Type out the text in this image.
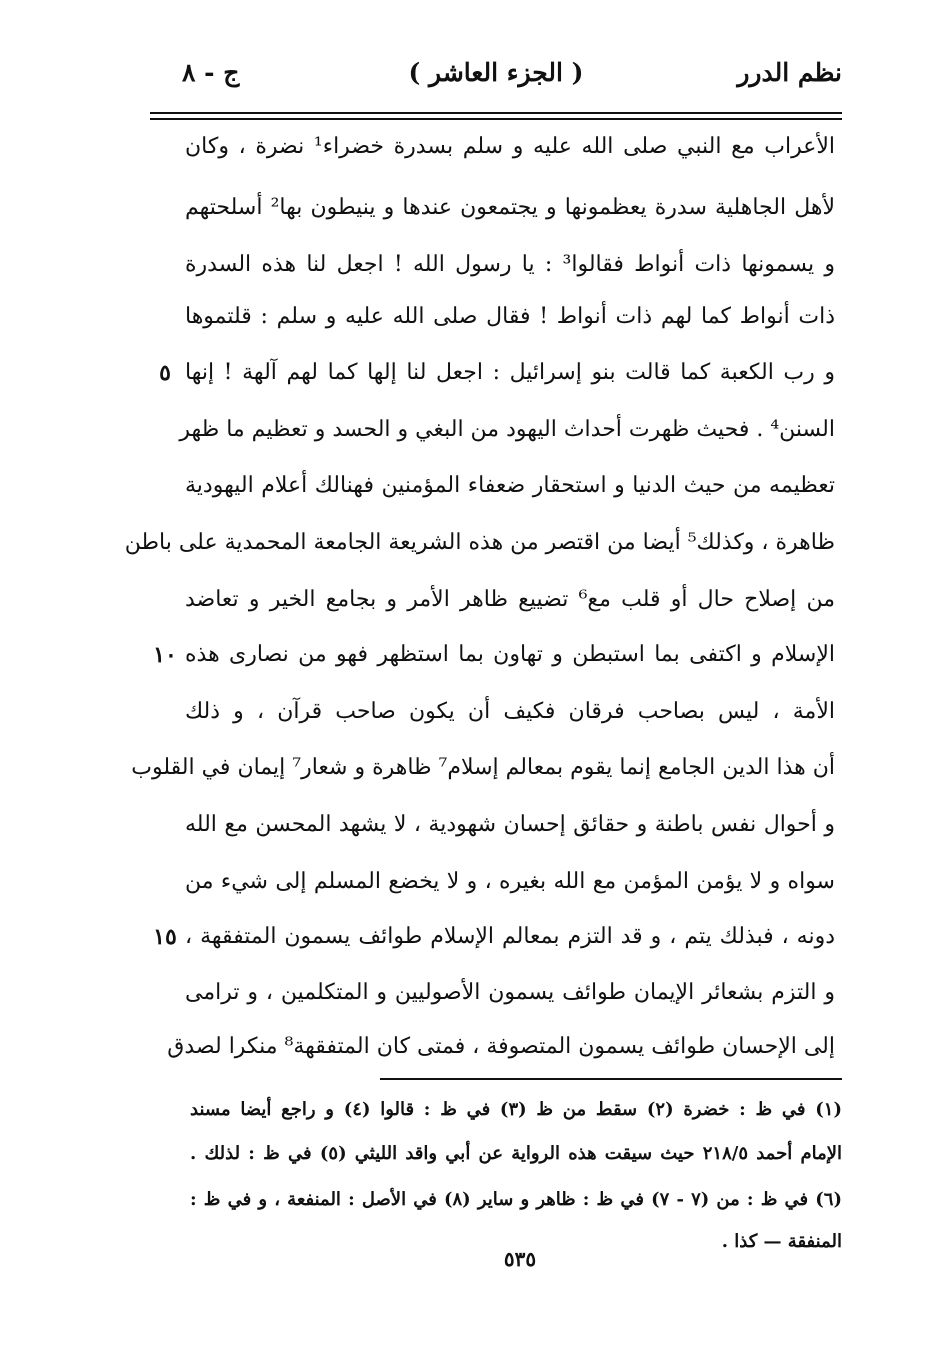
نظم الدرر
( الجزء العاشر )
ج - ٨
الأعراب مع النبي صلى الله عليه و سلم بسدرة خضراء¹ نضرة ، وكان
لأهل الجاهلية سدرة يعظمونها و يجتمعون عندها و ينيطون بها² أسلحتهم
و يسمونها ذات أنواط فقالوا³ : يا رسول الله ! اجعل لنا هذه السدرة
ذات أنواط كما لهم ذات أنواط ! فقال صلى الله عليه و سلم : قلتموها
و رب الكعبة كما قالت بنو إسرائيل : اجعل لنا إلها كما لهم آلهة ! إنها
٥
السنن⁴ . فحيث ظهرت أحداث اليهود من البغي و الحسد و تعظيم ما ظهر
تعظيمه من حيث الدنيا و استحقار ضعفاء المؤمنين فهنالك أعلام اليهودية
ظاهرة ، وكذلك⁵ أيضا من اقتصر من هذه الشريعة الجامعة المحمدية على باطن
من إصلاح حال أو قلب مع⁶ تضييع ظاهر الأمر و بجامع الخير و تعاضد
الإسلام و اكتفى بما استبطن و تهاون بما استظهر فهو من نصارى هذه
١٠
الأمة ، ليس بصاحب فرقان فكيف أن يكون صاحب قرآن ، و ذلك
أن هذا الدين الجامع إنما يقوم بمعالم إسلام⁷ ظاهرة و شعار⁷ إيمان في القلوب
و أحوال نفس باطنة و حقائق إحسان شهودية ، لا يشهد المحسن مع الله
سواه و لا يؤمن المؤمن مع الله بغيره ، و لا يخضع المسلم إلى شيء من
دونه ، فبذلك يتم ، و قد التزم بمعالم الإسلام طوائف يسمون المتفقهة ،
١٥
و التزم بشعائر الإيمان طوائف يسمون الأصوليين و المتكلمين ، و ترامى
إلى الإحسان طوائف يسمون المتصوفة ، فمتى كان المتفقهة⁸ منكرا لصدق
(١) في ظ : خضرة (٢) سقط من ظ (٣) في ظ : قالوا (٤) و راجع أيضا مسند
الإمام أحمد ٢١٨/٥ حيث سيقت هذه الرواية عن أبي واقد الليثي (٥) في ظ : لذلك .
(٦) في ظ : من (٧ - ٧) في ظ : ظاهر و ساير (٨) في الأصل : المنفعة ، و في ظ :
المنفقة — كذا .
٥٣٥
